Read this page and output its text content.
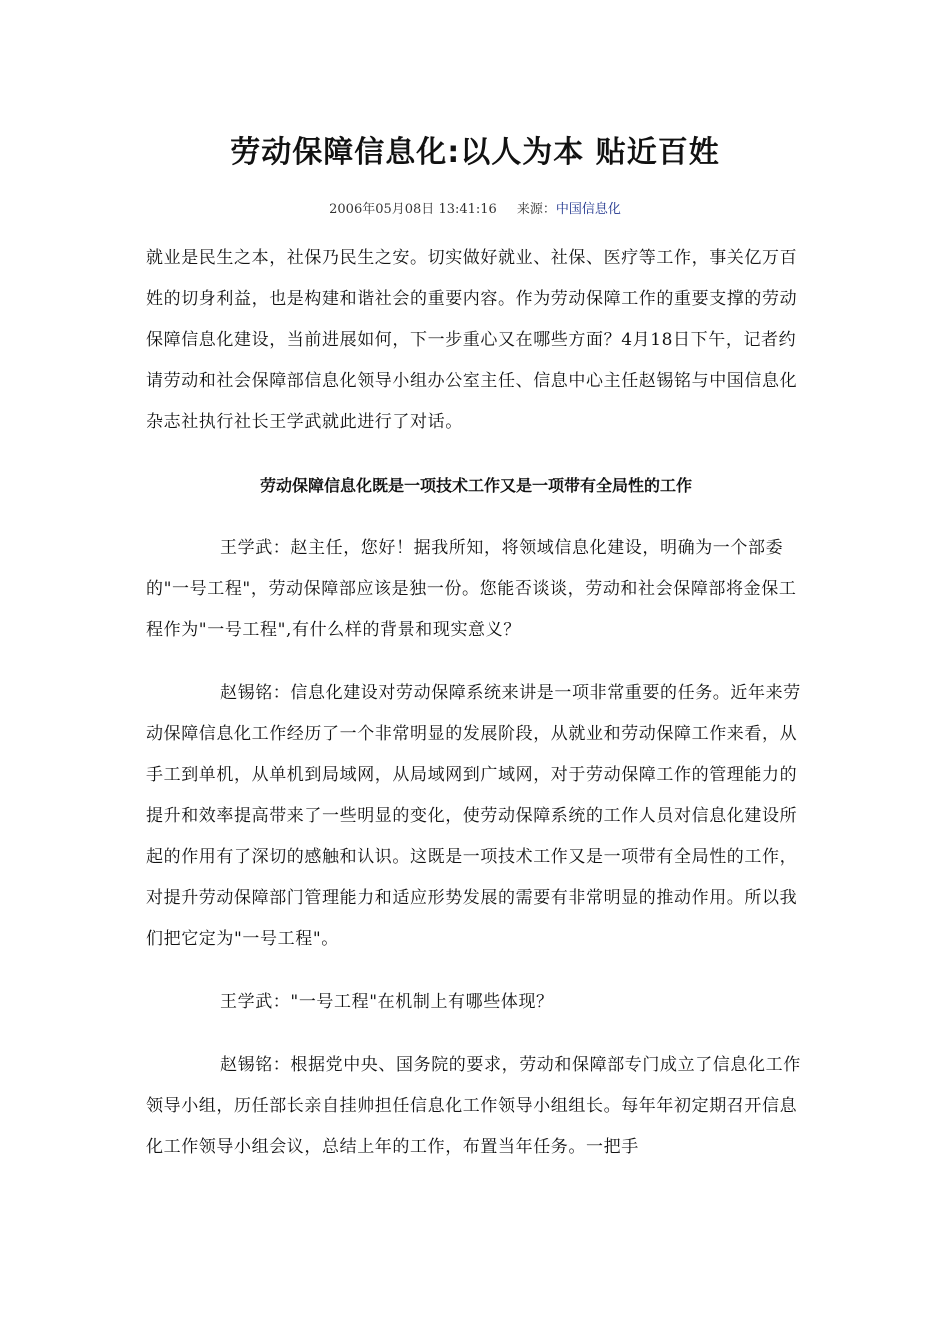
劳动保障信息化:以人为本 贴近百姓
2006年05月08日 13:41:16 来源：中国信息化

就业是民生之本，社保乃民生之安。切实做好就业、社保、医疗等工作，事关亿万百姓的切身利益，也是构建和谐社会的重要内容。作为劳动保障工作的重要支撑的劳动保障信息化建设，当前进展如何，下一步重心又在哪些方面？4月18日下午，记者约请劳动和社会保障部信息化领导小组办公室主任、信息中心主任赵锡铭与中国信息化杂志社执行社长王学武就此进行了对话。

劳动保障信息化既是一项技术工作又是一项带有全局性的工作

王学武：赵主任，您好！据我所知，将领域信息化建设，明确为一个部委的"一号工程"，劳动保障部应该是独一份。您能否谈谈，劳动和社会保障部将金保工程作为"一号工程",有什么样的背景和现实意义？

赵锡铭：信息化建设对劳动保障系统来讲是一项非常重要的任务。近年来劳动保障信息化工作经历了一个非常明显的发展阶段，从就业和劳动保障工作来看，从手工到单机，从单机到局域网，从局域网到广域网，对于劳动保障工作的管理能力的提升和效率提高带来了一些明显的变化，使劳动保障系统的工作人员对信息化建设所起的作用有了深切的感触和认识。这既是一项技术工作又是一项带有全局性的工作，对提升劳动保障部门管理能力和适应形势发展的需要有非常明显的推动作用。所以我们把它定为"一号工程"。

王学武："一号工程"在机制上有哪些体现？

赵锡铭：根据党中央、国务院的要求，劳动和保障部专门成立了信息化工作领导小组，历任部长亲自挂帅担任信息化工作领导小组组长。每年年初定期召开信息化工作领导小组会议，总结上年的工作，布置当年任务。一把手
